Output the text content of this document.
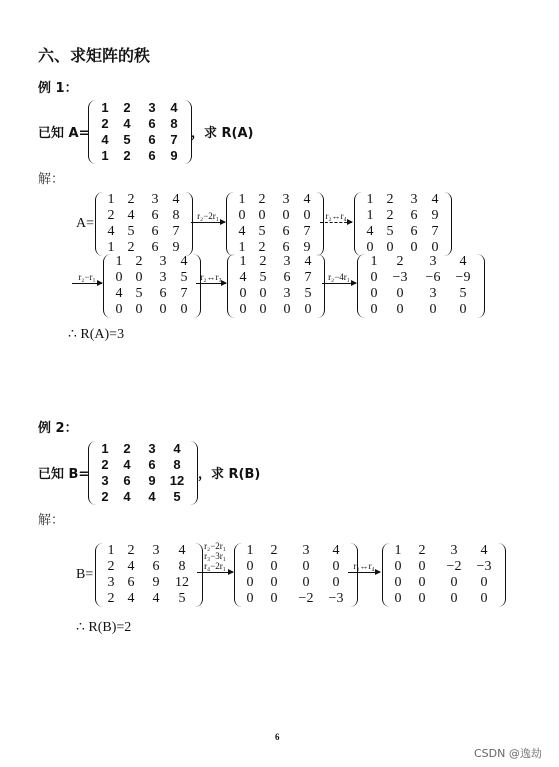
六、求矩阵的秩
例 1：
已知 A=
1	2	3	4
2	4	6	8
4	5	6	7
1	2	6	9
，求 R(A)
解：
A=
1	2	3	4
2	4	6	8
4	5	6	7
1	2	6	9
r₂−2r₁
1	2	3	4
0	0	0	0
4	5	6	7
1	2	6	9
r₂↔r₄
1	2	3	4
1	2	6	9
4	5	6	7
0	0	0	0
r₂−r₁
1	2	3	4
0	0	3	5
4	5	6	7
0	0	0	0
r₂↔r₃
1	2	3	4
4	5	6	7
0	0	3	5
0	0	0	0
r₂−4r₁
1	2	3	4
0	−3	−6	−9
0	0	3	5
0	0	0	0
∴ R(A)=3
例 2：
已知 B=
1	2	3	4
2	4	6	8
3	6	9	12
2	4	4	5
，求 R(B)
解：
B=
1	2	3	4
2	4	6	8
3	6	9	12
2	4	4	5
r₂−2r₁
r₃−3r₁
r₄−2r₁
1	2	3	4
0	0	0	0
0	0	0	0
0	0	−2	−3
r₂↔r₄
1	2	3	4
0	0	−2	−3
0	0	0	0
0	0	0	0
∴ R(B)=2
6
CSDN @逸劫
